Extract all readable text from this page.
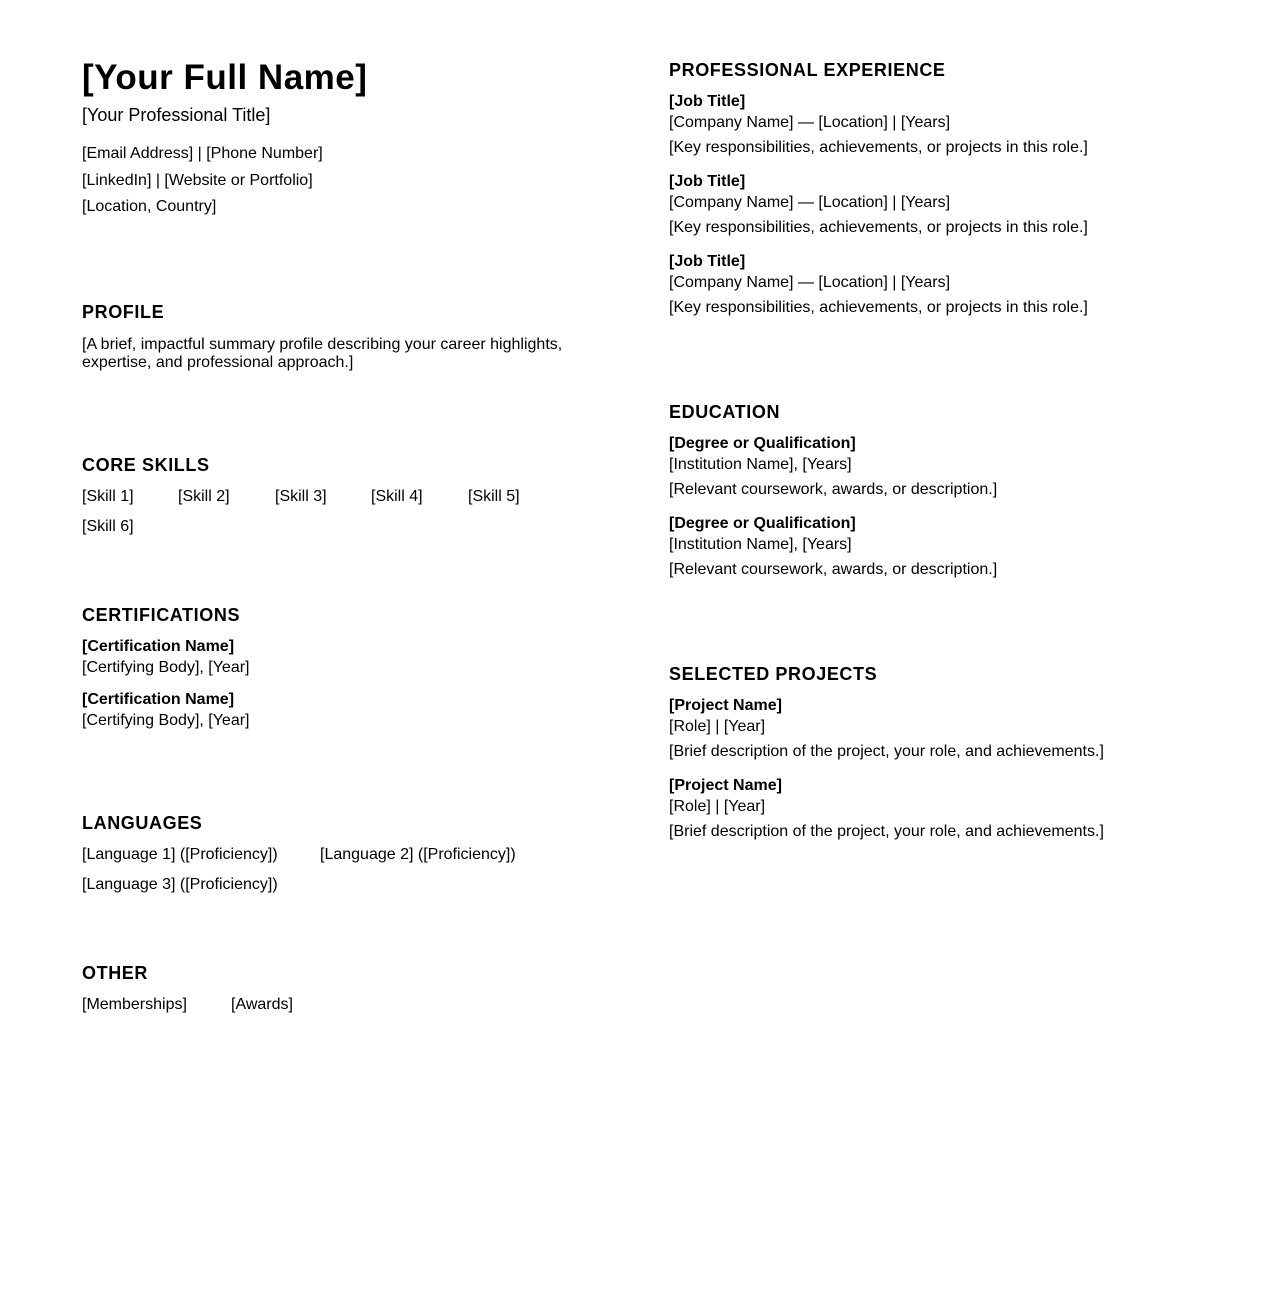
[Your Full Name]
[Your Professional Title]
[Email Address] | [Phone Number]
[LinkedIn] | [Website or Portfolio]
[Location, Country]
PROFILE
[A brief, impactful summary profile describing your career highlights, expertise, and professional approach.]
CORE SKILLS
[Skill 1]	[Skill 2]	[Skill 3]	[Skill 4]	[Skill 5]
[Skill 6]
CERTIFICATIONS
[Certification Name]
[Certifying Body], [Year]
[Certification Name]
[Certifying Body], [Year]
LANGUAGES
[Language 1] ([Proficiency])	[Language 2] ([Proficiency])
[Language 3] ([Proficiency])
OTHER
[Memberships]	[Awards]
PROFESSIONAL EXPERIENCE
[Job Title]
[Company Name] — [Location] | [Years]
[Key responsibilities, achievements, or projects in this role.]
[Job Title]
[Company Name] — [Location] | [Years]
[Key responsibilities, achievements, or projects in this role.]
[Job Title]
[Company Name] — [Location] | [Years]
[Key responsibilities, achievements, or projects in this role.]
EDUCATION
[Degree or Qualification]
[Institution Name], [Years]
[Relevant coursework, awards, or description.]
[Degree or Qualification]
[Institution Name], [Years]
[Relevant coursework, awards, or description.]
SELECTED PROJECTS
[Project Name]
[Role] | [Year]
[Brief description of the project, your role, and achievements.]
[Project Name]
[Role] | [Year]
[Brief description of the project, your role, and achievements.]
